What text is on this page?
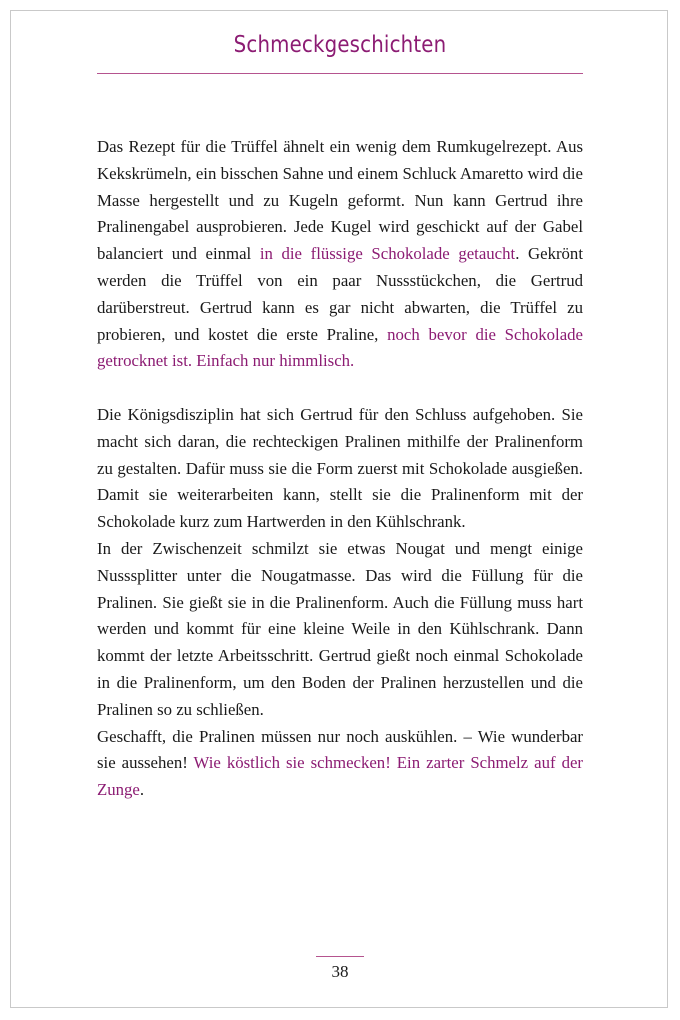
Schmeckgeschichten

Das Rezept für die Trüffel ähnelt ein wenig dem Rumkugelrezept. Aus Kekskrümeln, ein bisschen Sahne und einem Schluck Amaretto wird die Masse hergestellt und zu Kugeln geformt. Nun kann Gertrud ihre Pralinengabel ausprobieren. Jede Kugel wird geschickt auf der Gabel balanciert und einmal in die flüssige Schokolade getaucht. Gekrönt werden die Trüffel von ein paar Nussstückchen, die Gertrud darüberstreut. Gertrud kann es gar nicht abwarten, die Trüffel zu probieren, und kostet die erste Praline, noch bevor die Schokolade getrocknet ist. Einfach nur himmlisch.

Die Königsdisziplin hat sich Gertrud für den Schluss aufgehoben. Sie macht sich daran, die rechteckigen Pralinen mithilfe der Pralinenform zu gestalten. Dafür muss sie die Form zuerst mit Schokolade ausgießen. Damit sie weiterarbeiten kann, stellt sie die Pralinenform mit der Schokolade kurz zum Hartwerden in den Kühlschrank.

In der Zwischenzeit schmilzt sie etwas Nougat und mengt einige Nusssplitter unter die Nougatmasse. Das wird die Füllung für die Pralinen. Sie gießt sie in die Pralinenform. Auch die Füllung muss hart werden und kommt für eine kleine Weile in den Kühlschrank. Dann kommt der letzte Arbeitsschritt. Gertrud gießt noch einmal Schokolade in die Pralinenform, um den Boden der Pralinen herzustellen und die Pralinen so zu schließen.

Geschafft, die Pralinen müssen nur noch auskühlen. – Wie wunderbar sie aussehen! Wie köstlich sie schmecken! Ein zarter Schmelz auf der Zunge.

38
